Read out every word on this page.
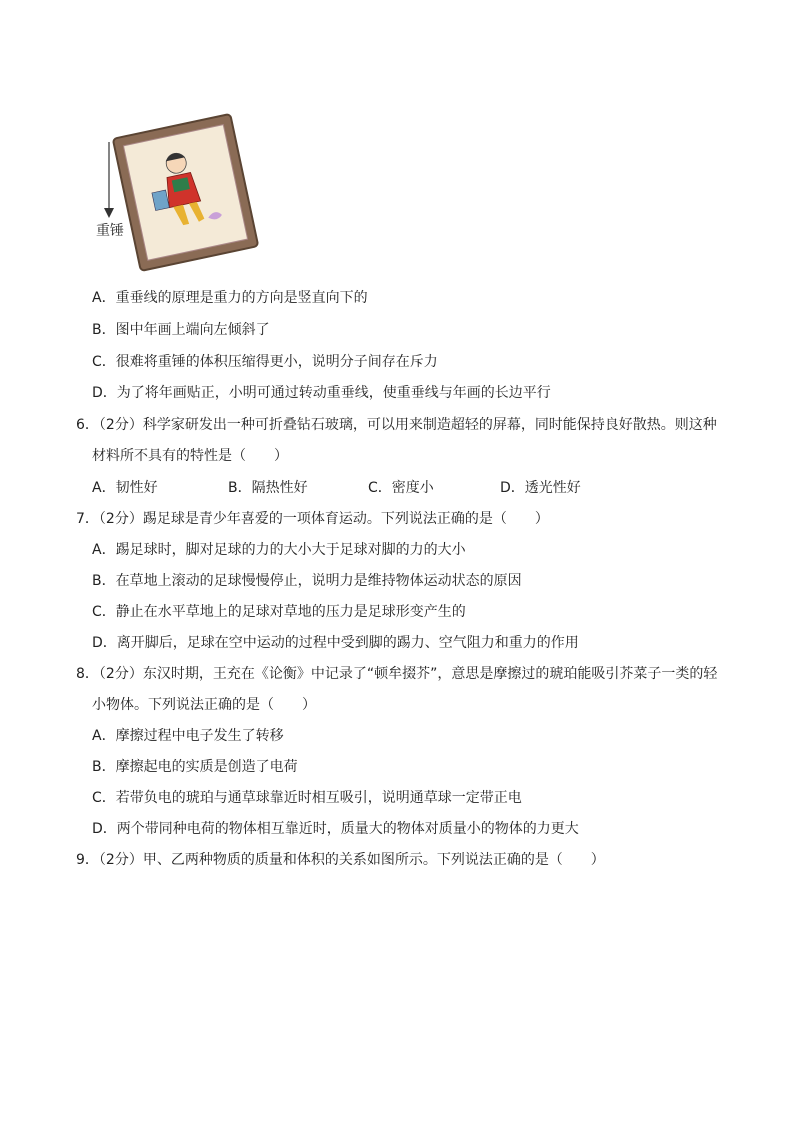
重锤
A．重垂线的原理是重力的方向是竖直向下的
B．图中年画上端向左倾斜了
C．很难将重锤的体积压缩得更小，说明分子间存在斥力
D．为了将年画贴正，小明可通过转动重垂线，使重垂线与年画的长边平行
6．（2分）科学家研发出一种可折叠钻石玻璃，可以用来制造超轻的屏幕，同时能保持良好散热。则这种
材料所不具有的特性是（　　）
A．韧性好	B．隔热性好	C．密度小	D．透光性好
7．（2分）踢足球是青少年喜爱的一项体育运动。下列说法正确的是（　　）
A．踢足球时，脚对足球的力的大小大于足球对脚的力的大小
B．在草地上滚动的足球慢慢停止，说明力是维持物体运动状态的原因
C．静止在水平草地上的足球对草地的压力是足球形变产生的
D．离开脚后，足球在空中运动的过程中受到脚的踢力、空气阻力和重力的作用
8．（2分）东汉时期，王充在《论衡》中记录了“顿牟掇芥”，意思是摩擦过的琥珀能吸引芥菜子一类的轻
小物体。下列说法正确的是（　　）
A．摩擦过程中电子发生了转移
B．摩擦起电的实质是创造了电荷
C．若带负电的琥珀与通草球靠近时相互吸引，说明通草球一定带正电
D．两个带同种电荷的物体相互靠近时，质量大的物体对质量小的物体的力更大
9．（2分）甲、乙两种物质的质量和体积的关系如图所示。下列说法正确的是（　　）
